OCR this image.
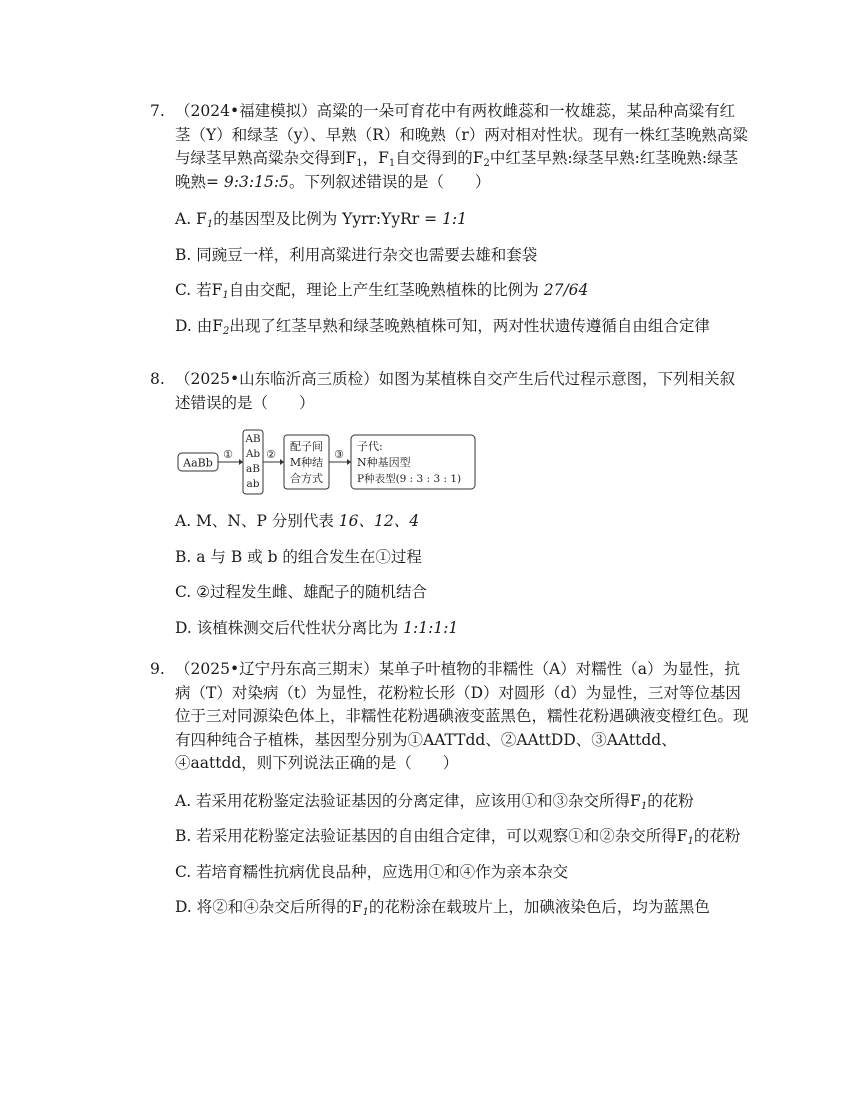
7. （2024•福建模拟）高粱的一朵可育花中有两枚雌蕊和一枚雄蕊，某品种高粱有红茎（Y）和绿茎（y）、早熟（R）和晚熟（r）两对相对性状。现有一株红茎晚熟高粱与绿茎早熟高粱杂交得到$F_1$，$F_1$自交得到的$F_2$中红茎早熟:绿茎早熟:红茎晚熟:绿茎晚熟= 9:3:15:5。下列叙述错误的是（　　）
A. $F_1$的基因型及比例为 Yyrr:YyRr = 1:1
B. 同豌豆一样，利用高粱进行杂交也需要去雄和套袋
C. 若$F_1$自由交配，理论上产生红茎晚熟植株的比例为 27/64
D. 由$F_2$出现了红茎早熟和绿茎晚熟植株可知，两对性状遗传遵循自由组合定律
8. （2025•山东临沂高三质检）如图为某植株自交产生后代过程示意图，下列相关叙述错误的是（　　）
AaBb
①
AB
Ab
aB
ab
②
配子间
M种结
合方式
③
子代:
N种基因型
P种表型(9 : 3 : 3 : 1)
A. M、N、P 分别代表 16、12、4
B. a 与 B 或 b 的组合发生在①过程
C. ②过程发生雌、雄配子的随机结合
D. 该植株测交后代性状分离比为 1:1:1:1
9. （2025•辽宁丹东高三期末）某单子叶植物的非糯性（A）对糯性（a）为显性，抗病（T）对染病（t）为显性，花粉粒长形（D）对圆形（d）为显性，三对等位基因位于三对同源染色体上，非糯性花粉遇碘液变蓝黑色，糯性花粉遇碘液变橙红色。现有四种纯合子植株，基因型分别为①AATTdd、②AAttDD、③AAttdd、④aattdd，则下列说法正确的是（　　）
A. 若采用花粉鉴定法验证基因的分离定律，应该用①和③杂交所得$F_1$的花粉
B. 若采用花粉鉴定法验证基因的自由组合定律，可以观察①和②杂交所得$F_1$的花粉
C. 若培育糯性抗病优良品种，应选用①和④作为亲本杂交
D. 将②和④杂交后所得的$F_1$的花粉涂在载玻片上，加碘液染色后，均为蓝黑色
